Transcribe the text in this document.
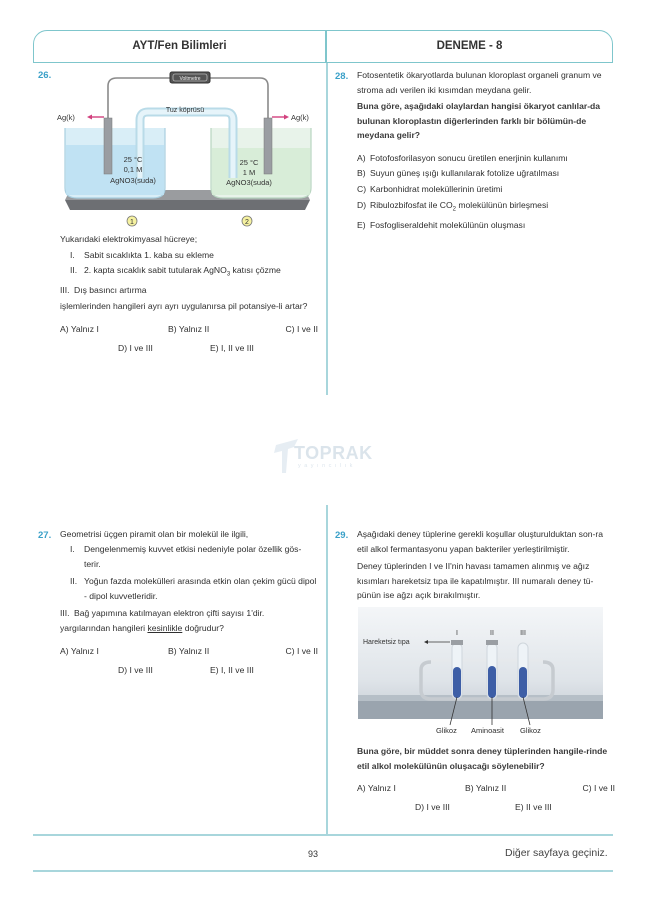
AYT/Fen Bilimleri	DENEME - 8
26.	Voltmetre
Tuz köprüsü
Ag(k)	Ag(k)
25 °C
0,1 M
AgNO3(suda)
25 °C
1 M
AgNO3(suda)
1	2

Yukarıdaki elektrokimyasal hücreye;

I. Sabit sıcaklıkta 1. kaba su ekleme

II. 2. kapta sıcaklık sabit tutularak AgNO$_3$ katısı çözme

III. Dış basıncı artırma

işlemlerinden hangileri ayrı ayrı uygulanırsa pil potansiye-li artar?

A) Yalnız I	B) Yalnız II	C) I ve II
D) I ve III	E) I, II ve III
28. Fotosentetik ökaryotlarda bulunan kloroplast organeli granum ve stroma adı verilen iki kısımdan meydana gelir.

Buna göre, aşağıdaki olaylardan hangisi ökaryot canlılar-da bulunan kloroplastın diğerlerinden farklı bir bölümün-de meydana gelir?

A) Fotofosforilasyon sonucu üretilen enerjinin kullanımı
B) Suyun güneş ışığı kullanılarak fotolize uğratılması
C) Karbonhidrat moleküllerinin üretimi
D) Ribulozbifosfat ile $CO_2$ molekülünün birleşmesi
E) Fosfogliseraldehit molekülünün oluşması
TOPRAK
yayıncılık
27. Geometrisi üçgen piramit olan bir molekül ile ilgili,

I.	Dengelenmemiş kuvvet etkisi nedeniyle polar özellik gös-terir.

II. Yoğun fazda molekülleri arasında etkin olan çekim gücü dipol - dipol kuvvetleridir.

III. Bağ yapımına katılmayan elektron çifti sayısı 1'dir.

yargılarından hangileri kesinlikle doğrudur?

A) Yalnız I	B) Yalnız II	C) I ve II
D) I ve III	E) I, II ve III
29. Aşağıdaki deney tüplerine gerekli koşullar oluşturulduktan son-ra etil alkol fermantasyonu yapan bakteriler yerleştirilmiştir.

Deney tüplerinden I ve II'nin havası tamamen alınmış ve ağız kısımları hareketsiz tıpa ile kapatılmıştır. III numaralı deney tü-pünün ise ağzı açık bırakılmıştır.

I	II	III
Hareketsiz tıpa
Glikoz Aminoasit Glikoz

Buna göre, bir müddet sonra deney tüplerinden hangile-rinde etil alkol molekülünün oluşacağı söylenebilir?

A) Yalnız I	B) Yalnız II	C) I ve II
D) I ve III	E) II ve III
93	Diğer sayfaya geçiniz.
